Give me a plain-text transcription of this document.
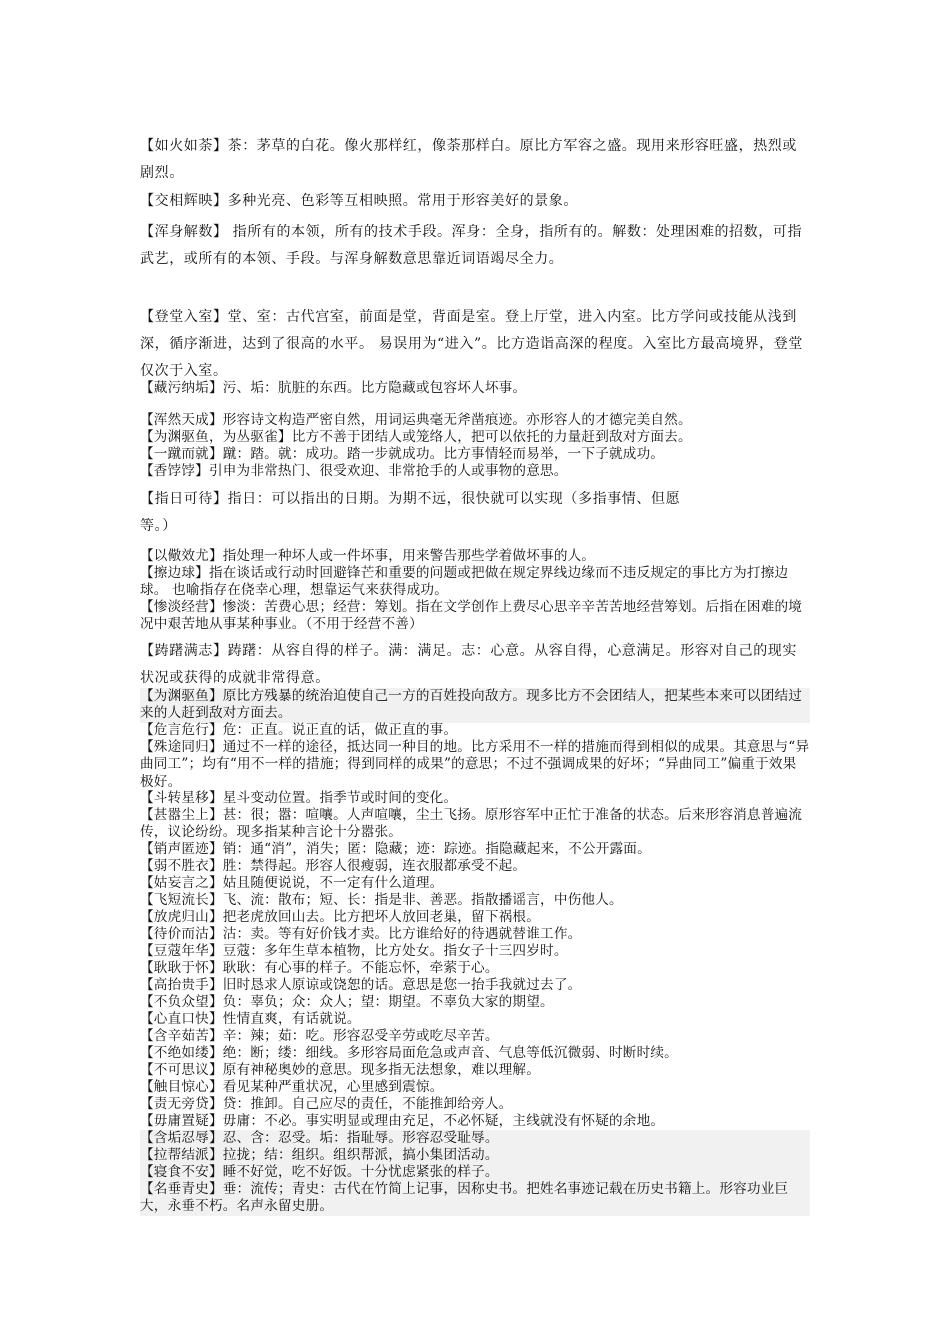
【如火如荼】茶：茅草的白花。像火那样红，像荼那样白。原比方军容之盛。现用来形容旺盛，热烈或剧烈。

【交相辉映】多种光亮、色彩等互相映照。常用于形容美好的景象。

【浑身解数】 指所有的本领，所有的技术手段。浑身：全身，指所有的。解数：处理困难的招数，可指武艺，或所有的本领、手段。与浑身解数意思靠近词语竭尽全力。

【登堂入室】堂、室：古代宫室，前面是堂，背面是室。登上厅堂，进入内室。比方学问或技能从浅到深，循序渐进，达到了很高的水平。 易误用为“进入”。比方造诣高深的程度。入室比方最高境界，登堂仅次于入室。

【藏污纳垢】污、垢：肮脏的东西。比方隐藏或包容坏人坏事。

【浑然天成】形容诗文构造严密自然，用词运典毫无斧凿痕迹。亦形容人的才德完美自然。

【为渊驱鱼，为丛驱雀】比方不善于团结人或笼络人，把可以依托的力量赶到敌对方面去。

【一蹴而就】蹴：踏。就：成功。踏一步就成功。比方事情轻而易举，一下子就成功。

【香饽饽】引申为非常热门、很受欢迎、非常抢手的人或事物的意思。

【指日可待】指日：可以指出的日期。为期不远，很快就可以实现（多指事情、但愿

等。）

【以儆效尤】指处理一种坏人或一件坏事，用来警告那些学着做坏事的人。

【擦边球】指在谈话或行动时回避锋芒和重要的问题或把做在规定界线边缘而不违反规定的事比方为打擦边球。 也喻指存在侥幸心理，想靠运气来获得成功。

【惨淡经营】惨淡：苦费心思；经营：筹划。指在文学创作上费尽心思辛辛苦苦地经营筹划。后指在困难的境况中艰苦地从事某种事业。（不用于经营不善）

【踌躇满志】踌躇：从容自得的样子。满：满足。志：心意。从容自得，心意满足。形容对自己的现实状况或获得的成就非常得意。

【为渊驱鱼】原比方残暴的统治迫使自己一方的百姓投向敌方。现多比方不会团结人，把某些本来可以团结过来的人赶到敌对方面去。

【危言危行】危：正直。说正直的话，做正直的事。

【殊途同归】通过不一样的途径，抵达同一种目的地。比方采用不一样的措施而得到相似的成果。其意思与“异曲同工”；均有“用不一样的措施；得到同样的成果”的意思；不过不强调成果的好坏；“异曲同工”偏重于效果极好。

【斗转星移】星斗变动位置。指季节或时间的变化。

【甚嚣尘上】甚：很；嚣：喧嚷。人声喧嚷，尘土飞扬。原形容军中正忙于准备的状态。后来形容消息普遍流传，议论纷纷。现多指某种言论十分嚣张。

【销声匿迹】销：通“消”，消失；匿：隐藏；迹：踪迹。指隐藏起来，不公开露面。

【弱不胜衣】胜：禁得起。形容人很瘦弱，连衣服都承受不起。

【姑妄言之】姑且随便说说，不一定有什么道理。

【飞短流长】飞、流：散布；短、长：指是非、善恶。指散播谣言，中伤他人。

【放虎归山】把老虎放回山去。比方把坏人放回老巢，留下祸根。

【待价而沽】沽：卖。等有好价钱才卖。比方谁给好的待遇就替谁工作。

【豆蔻年华】豆蔻：多年生草本植物，比方处女。指女子十三四岁时。

【耿耿于怀】耿耿：有心事的样子。不能忘怀，牵萦于心。

【高抬贵手】旧时恳求人原谅或饶恕的话。意思是您一抬手我就过去了。

【不负众望】负：辜负；众：众人；望：期望。不辜负大家的期望。

【心直口快】性情直爽，有话就说。

【含辛茹苦】辛：辣；茹：吃。形容忍受辛劳或吃尽辛苦。

【不绝如缕】绝：断；缕：细线。多形容局面危急或声音、气息等低沉微弱、时断时续。

【不可思议】原有神秘奥妙的意思。现多指无法想象，难以理解。

【触目惊心】看见某种严重状况，心里感到震惊。

【责无旁贷】贷：推卸。自己应尽的责任，不能推卸给旁人。

【毋庸置疑】毋庸：不必。事实明显或理由充足，不必怀疑，主线就没有怀疑的余地。

【含垢忍辱】忍、含：忍受。垢：指耻辱。形容忍受耻辱。

【拉帮结派】拉拢；结：组织。组织帮派，搞小集团活动。

【寝食不安】睡不好觉，吃不好饭。十分忧虑紧张的样子。

【名垂青史】垂：流传；青史：古代在竹简上记事，因称史书。把姓名事迹记载在历史书籍上。形容功业巨大，永垂不朽。名声永留史册。
